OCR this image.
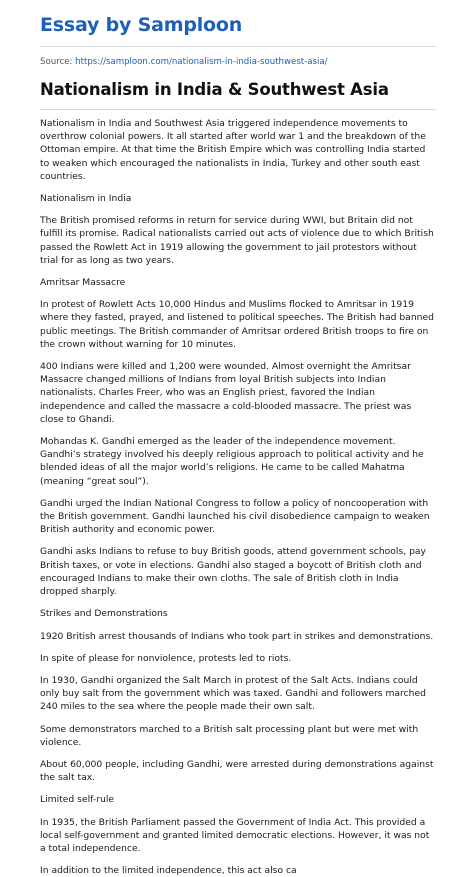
Essay by Samploon
Source: https://samploon.com/nationalism-in-india-southwest-asia/
Nationalism in India & Southwest Asia

Nationalism in India and Southwest Asia triggered independence movements to overthrow colonial powers. It all started after world war 1 and the breakdown of the Ottoman empire. At that time the British Empire which was controlling India started to weaken which encouraged the nationalists in India, Turkey and other south east countries.

Nationalism in India

The British promised reforms in return for service during WWI, but Britain did not fulfill its promise. Radical nationalists carried out acts of violence due to which British passed the Rowlett Act in 1919 allowing the government to jail protestors without trial for as long as two years.

Amritsar Massacre

In protest of Rowlett Acts 10,000 Hindus and Muslims flocked to Amritsar in 1919 where they fasted, prayed, and listened to political speeches. The British had banned public meetings. The British commander of Amritsar ordered British troops to fire on the crown without warning for 10 minutes.

400 Indians were killed and 1,200 were wounded. Almost overnight the Amritsar Massacre changed millions of Indians from loyal British subjects into Indian nationalists. Charles Freer, who was an English priest, favored the Indian independence and called the massacre a cold-blooded massacre. The priest was close to Ghandi.

Mohandas K. Gandhi emerged as the leader of the independence movement. Gandhi’s strategy involved his deeply religious approach to political activity and he blended ideas of all the major world’s religions. He came to be called Mahatma (meaning “great soul”).

Gandhi urged the Indian National Congress to follow a policy of noncooperation with the British government. Gandhi launched his civil disobedience campaign to weaken British authority and economic power.

Gandhi asks Indians to refuse to buy British goods, attend government schools, pay British taxes, or vote in elections. Gandhi also staged a boycott of British cloth and encouraged Indians to make their own cloths. The sale of British cloth in India dropped sharply.

Strikes and Demonstrations

1920 British arrest thousands of Indians who took part in strikes and demonstrations.

In spite of please for nonviolence, protests led to riots.

In 1930, Gandhi organized the Salt March in protest of the Salt Acts. Indians could only buy salt from the government which was taxed. Gandhi and followers marched 240 miles to the sea where the people made their own salt.

Some demonstrators marched to a British salt processing plant but were met with violence.

About 60,000 people, including Gandhi, were arrested during demonstrations against the salt tax.

Limited self-rule

In 1935, the British Parliament passed the Government of India Act. This provided a local self-government and granted limited democratic elections. However, it was not a total independence.

In addition to the limited independence, this act also ca
